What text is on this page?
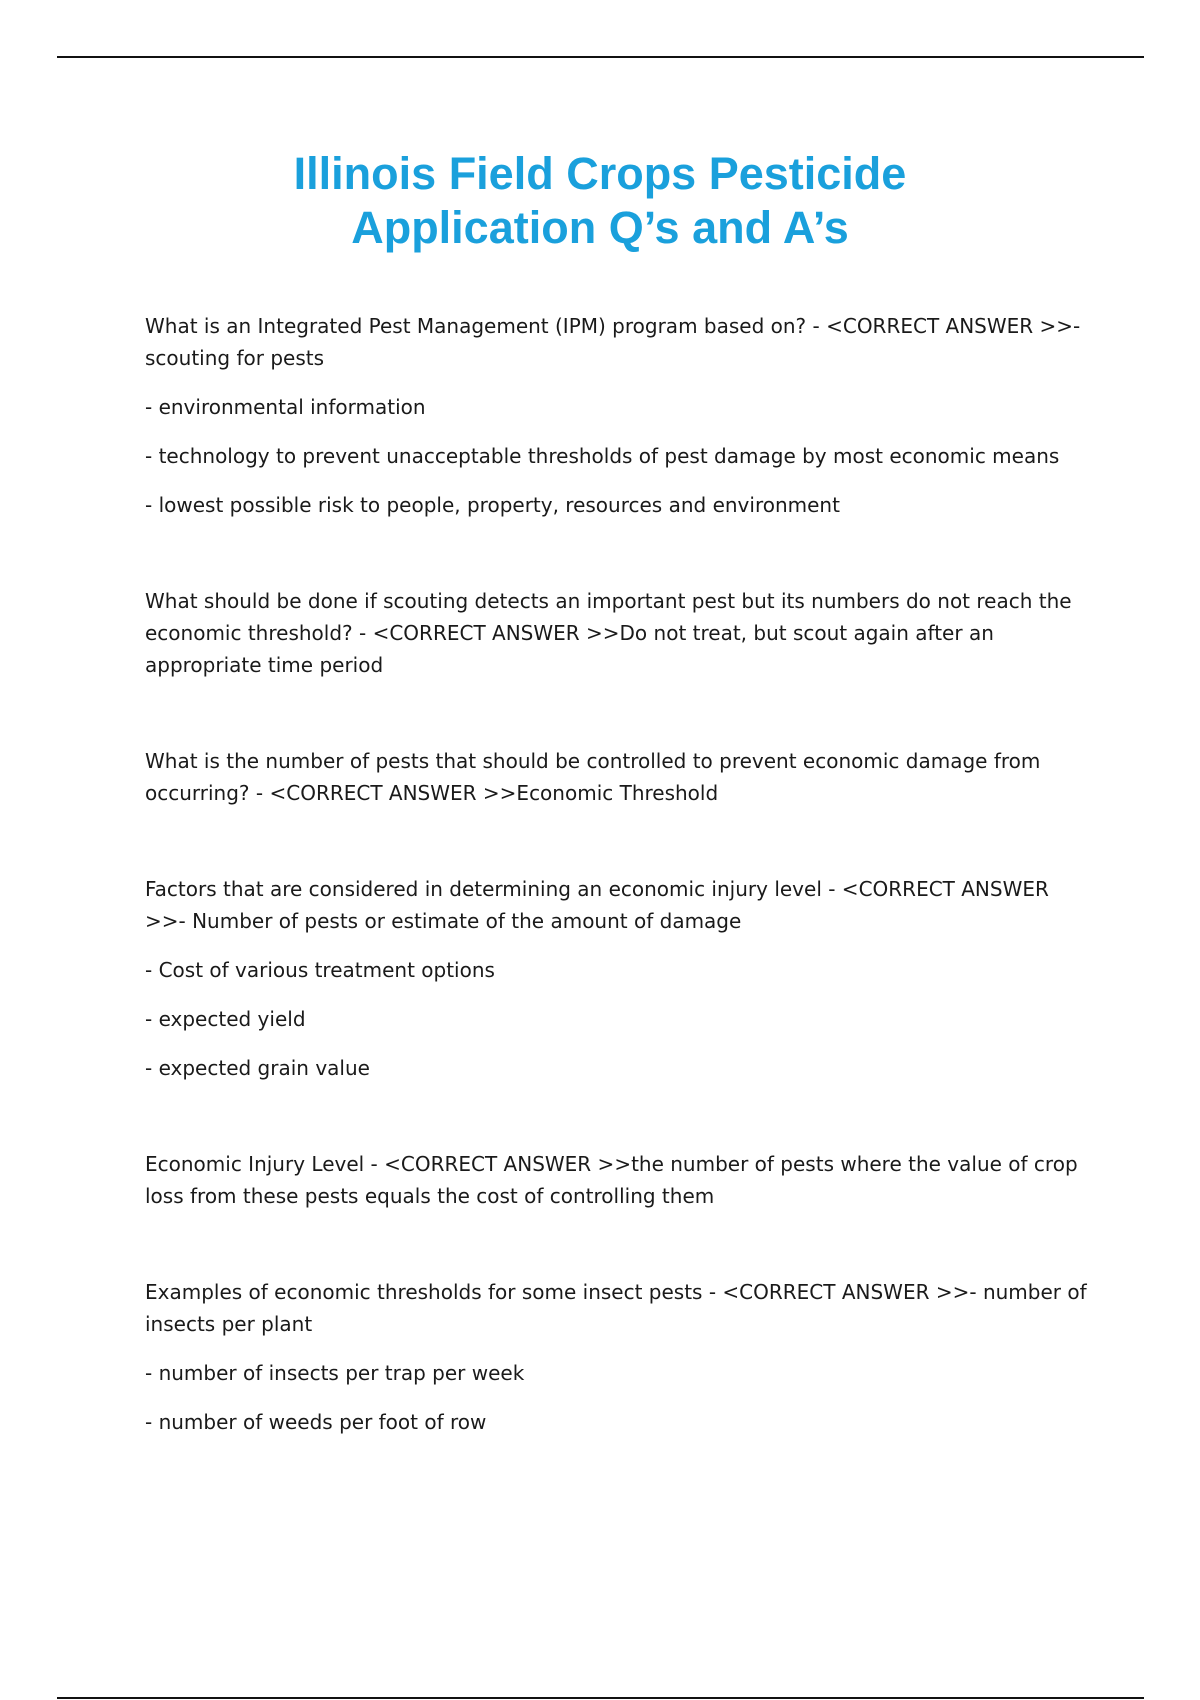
Illinois Field Crops Pesticide
Application Q’s and A’s

What is an Integrated Pest Management (IPM) program based on? - <CORRECT ANSWER >>- scouting for pests

- environmental information

- technology to prevent unacceptable thresholds of pest damage by most economic means

- lowest possible risk to people, property, resources and environment

What should be done if scouting detects an important pest but its numbers do not reach the economic threshold? - <CORRECT ANSWER >>Do not treat, but scout again after an appropriate time period

What is the number of pests that should be controlled to prevent economic damage from occurring? - <CORRECT ANSWER >>Economic Threshold

Factors that are considered in determining an economic injury level - <CORRECT ANSWER >>- Number of pests or estimate of the amount of damage

- Cost of various treatment options

- expected yield

- expected grain value

Economic Injury Level - <CORRECT ANSWER >>the number of pests where the value of crop loss from these pests equals the cost of controlling them

Examples of economic thresholds for some insect pests - <CORRECT ANSWER >>- number of insects per plant

- number of insects per trap per week

- number of weeds per foot of row
